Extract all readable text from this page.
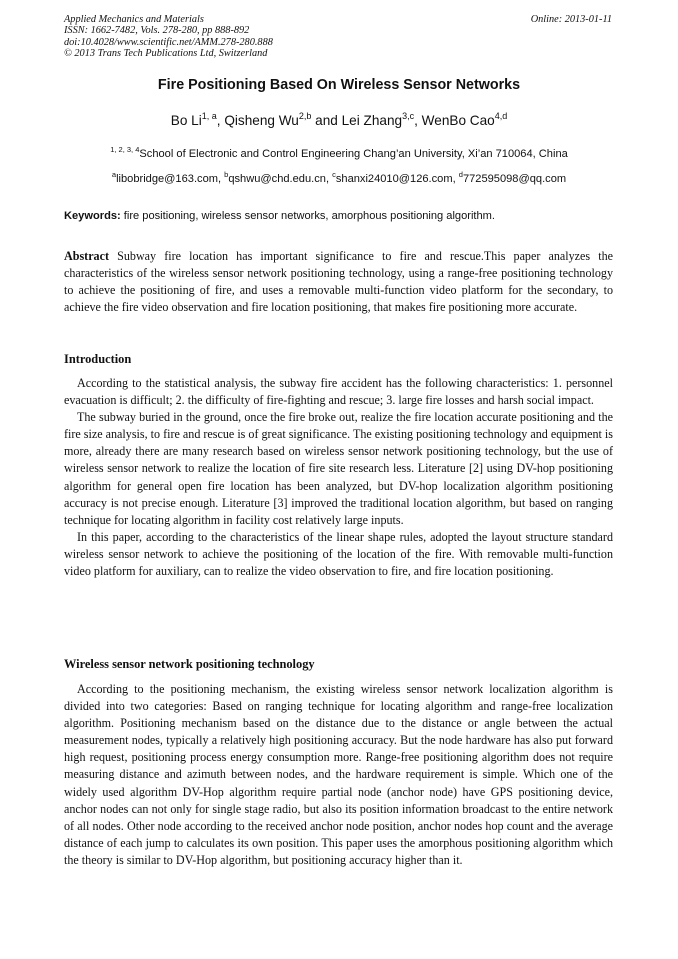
Applied Mechanics and Materials
ISSN: 1662-7482, Vols. 278-280, pp 888-892
doi:10.4028/www.scientific.net/AMM.278-280.888
© 2013 Trans Tech Publications Ltd, Switzerland
Online: 2013-01-11
Fire Positioning Based On Wireless Sensor Networks
Bo Li$^{1, a}$, Qisheng Wu$^{2,b}$ and Lei Zhang$^{3,c}$, WenBo Cao$^{4,d}$
$^{1, 2, 3, 4}$School of Electronic and Control Engineering Chang’an University, Xi’an 710064, China
$^a$libobridge@163.com, $^b$qshwu@chd.edu.cn, $^c$shanxi24010@126.com, $^d$772595098@qq.com
Keywords: fire positioning, wireless sensor networks, amorphous positioning algorithm.

Abstract Subway fire location has important significance to fire and rescue.This paper analyzes the characteristics of the wireless sensor network positioning technology, using a range-free positioning technology to achieve the positioning of fire, and uses a removable multi-function video platform for the secondary, to achieve the fire video observation and fire location positioning, that makes fire positioning more accurate.

Introduction

According to the statistical analysis, the subway fire accident has the following characteristics: 1. personnel evacuation is difficult; 2. the difficulty of fire-fighting and rescue; 3. large fire losses and harsh social impact.

The subway buried in the ground, once the fire broke out, realize the fire location accurate positioning and the fire size analysis, to fire and rescue is of great significance. The existing positioning technology and equipment is more, already there are many research based on wireless sensor network positioning technology, but the use of wireless sensor network to realize the location of fire site research less. Literature [2] using DV-hop positioning algorithm for general open fire location has been analyzed, but DV-hop localization algorithm positioning accuracy is not precise enough. Literature [3] improved the traditional location algorithm, but based on ranging technique for locating algorithm in facility cost relatively large inputs.

In this paper, according to the characteristics of the linear shape rules, adopted the layout structure standard wireless sensor network to achieve the positioning of the location of the fire. With removable multi-function video platform for auxiliary, can to realize the video observation to fire, and fire location positioning.

Wireless sensor network positioning technology

According to the positioning mechanism, the existing wireless sensor network localization algorithm is divided into two categories: Based on ranging technique for locating algorithm and range-free localization algorithm. Positioning mechanism based on the distance due to the distance or angle between the actual measurement nodes, typically a relatively high positioning accuracy. But the node hardware has also put forward high request, positioning process energy consumption more. Range-free positioning algorithm does not require measuring distance and azimuth between nodes, and the hardware requirement is simple. Which one of the widely used algorithm DV-Hop algorithm require partial node (anchor node) have GPS positioning device, anchor nodes can not only for single stage radio, but also its position information broadcast to the entire network of all nodes. Other node according to the received anchor node position, anchor nodes hop count and the average distance of each jump to calculates its own position. This paper uses the amorphous positioning algorithm which the theory is similar to DV-Hop algorithm, but positioning accuracy higher than it.
